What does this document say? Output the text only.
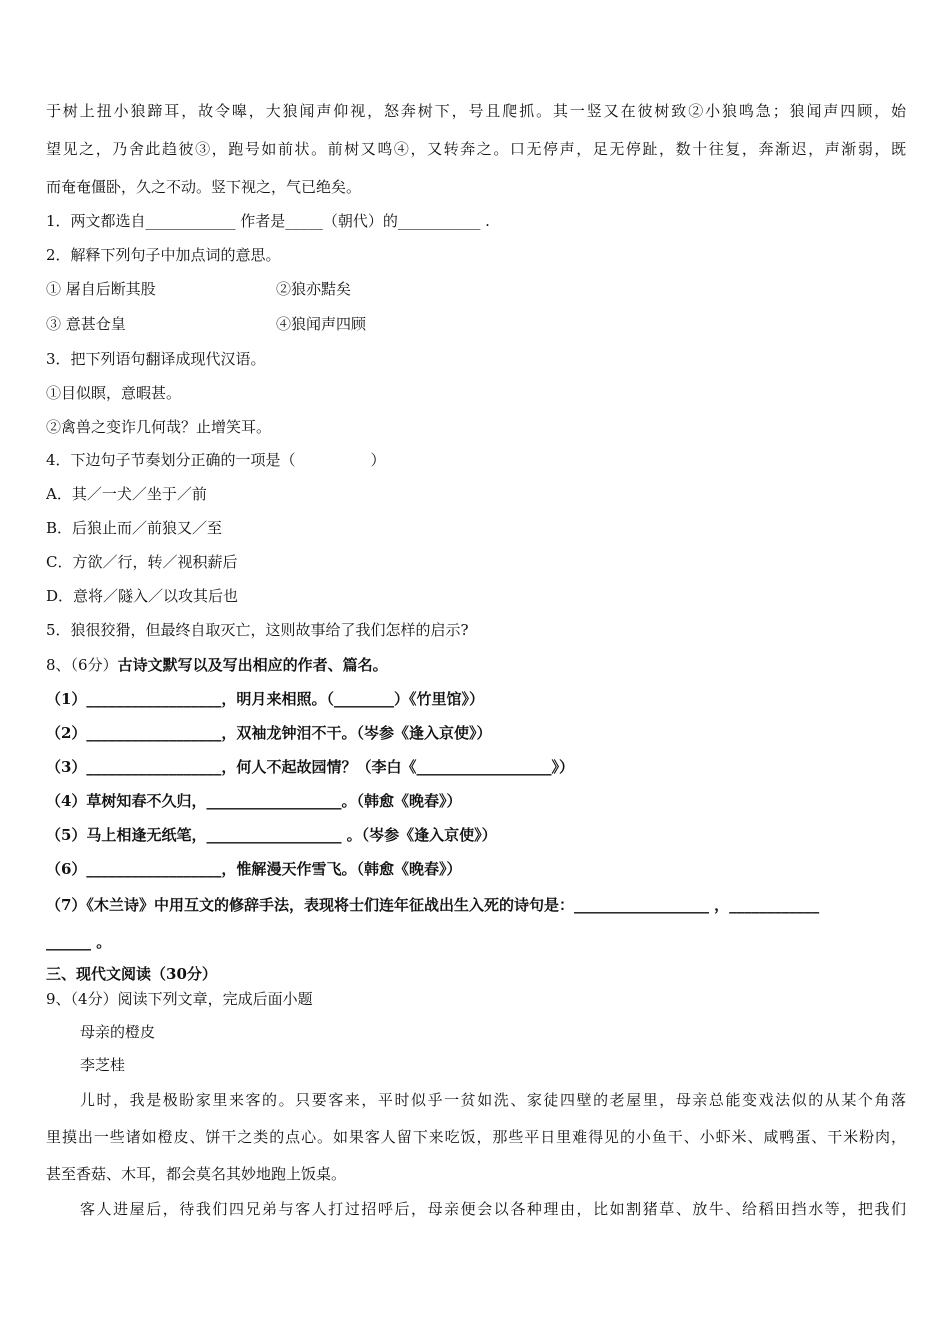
于树上扭小狼蹄耳，故令嗥，大狼闻声仰视，怒奔树下，号且爬抓。其一竖又在彼树致②小狼鸣急；狼闻声四顾，始
望见之，乃舍此趋彼③，跑号如前状。前树又鸣④，又转奔之。口无停声，足无停趾，数十往复，奔渐迟，声渐弱，既
而奄奄僵卧，久之不动。竖下视之，气已绝矣。
1．两文都选自____________ 作者是_____（朝代）的___________ .
2．解释下列句子中加点词的意思。
① 屠自后断其股	②狼亦黠矣
③ 意甚仓皇	④狼闻声四顾
3．把下列语句翻译成现代汉语。
①目似瞑，意暇甚。
②禽兽之变诈几何哉？止增笑耳。
4．下边句子节奏划分正确的一项是（　　　　　）
A．其／一犬／坐于／前
B．后狼止而／前狼又／至
C．方欲／行，转／视积薪后
D．意将／隧入／以攻其后也
5．狼很狡猾，但最终自取灭亡，这则故事给了我们怎样的启示?
8、（6分）古诗文默写以及写出相应的作者、篇名。
（1）__________________，明月来相照。（________）《竹里馆》）
（2）__________________，双袖龙钟泪不干。（岑参《逢入京使》）
（3）__________________，何人不起故园情？（李白《__________________》）
（4）草树知春不久归，__________________。（韩愈《晚春》）
（5）马上相逢无纸笔，__________________ 。（岑参《逢入京使》）
（6）__________________，惟解漫天作雪飞。（韩愈《晚春》）
（7）《木兰诗》中用互文的修辞手法，表现将士们连年征战出生入死的诗句是：__________________ ，____________
______ 。
三、现代文阅读（30分）
9、（4分）阅读下列文章，完成后面小题
母亲的橙皮
李芝桂
儿时，我是极盼家里来客的。只要客来，平时似乎一贫如洗、家徒四壁的老屋里，母亲总能变戏法似的从某个角落
里摸出一些诸如橙皮、饼干之类的点心。如果客人留下来吃饭，那些平日里难得见的小鱼干、小虾米、咸鸭蛋、干米粉肉，
甚至香菇、木耳，都会莫名其妙地跑上饭桌。
客人进屋后，待我们四兄弟与客人打过招呼后，母亲便会以各种理由，比如割猪草、放牛、给稻田挡水等，把我们
